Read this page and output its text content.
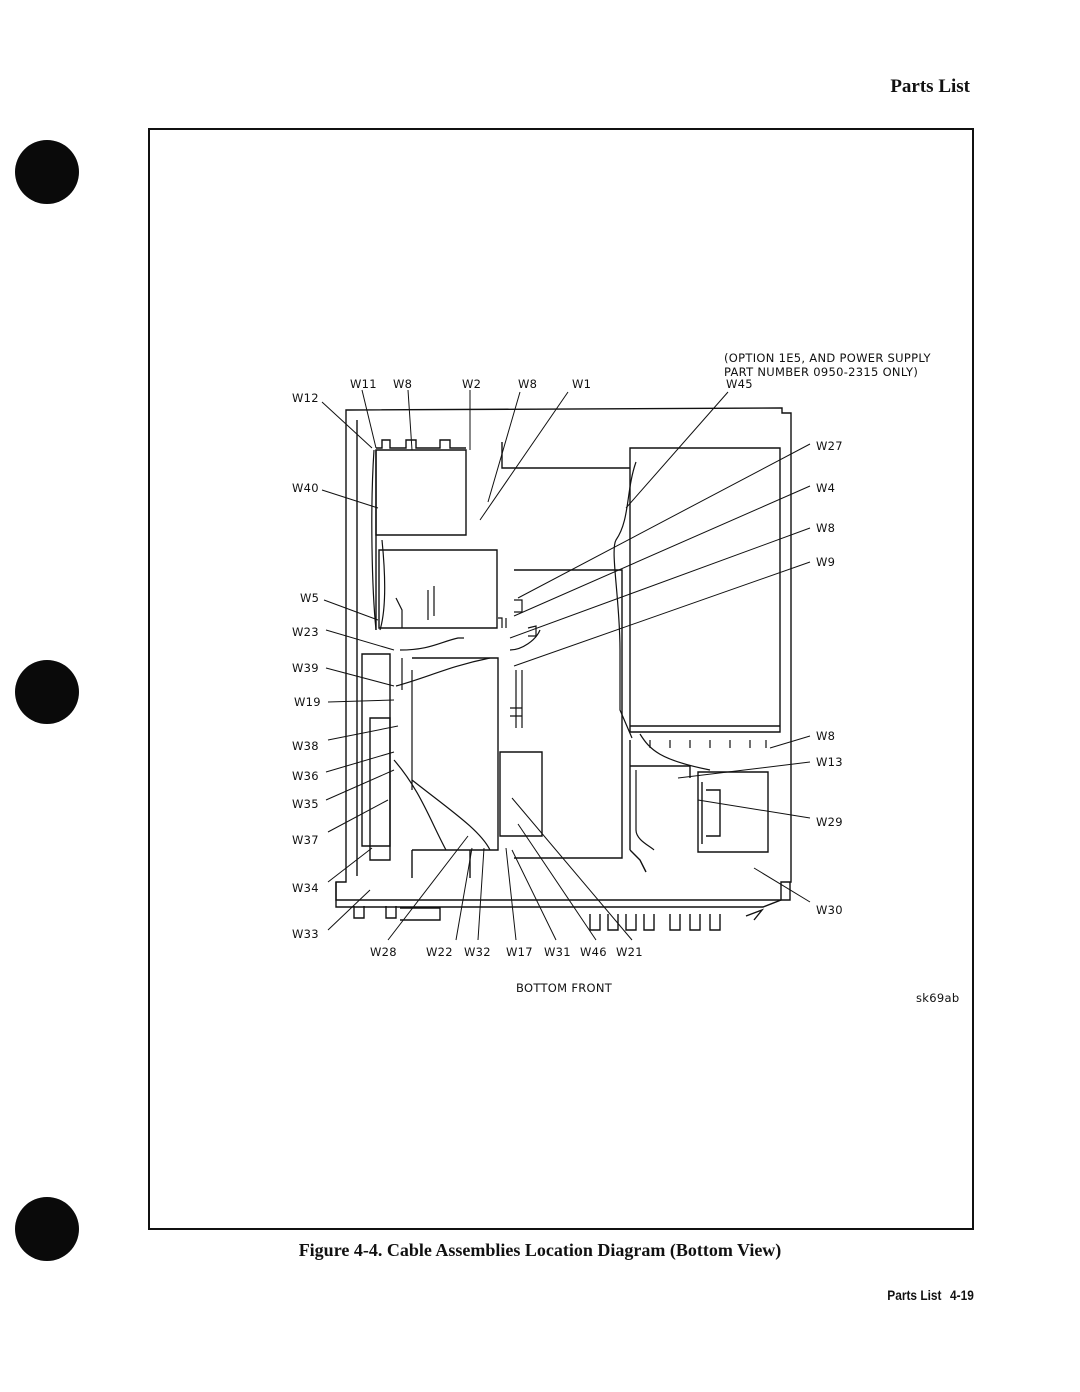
Parts List
W11 W8	W2	W8	W1	W45
W12
W40
W5
W23
W39
W19
W38
W36
W35
W37
W34
W33
W27
W4
W8
W9
W8
W13
W29
W30
W28	W22 W32 W17 W31 W46 W21
(OPTION 1E5, AND POWER SUPPLY
PART NUMBER 0950-2315 ONLY)
BOTTOM FRONT
sk69ab
Figure 4-4. Cable Assemblies Location Diagram (Bottom View)
Parts List 4-19
